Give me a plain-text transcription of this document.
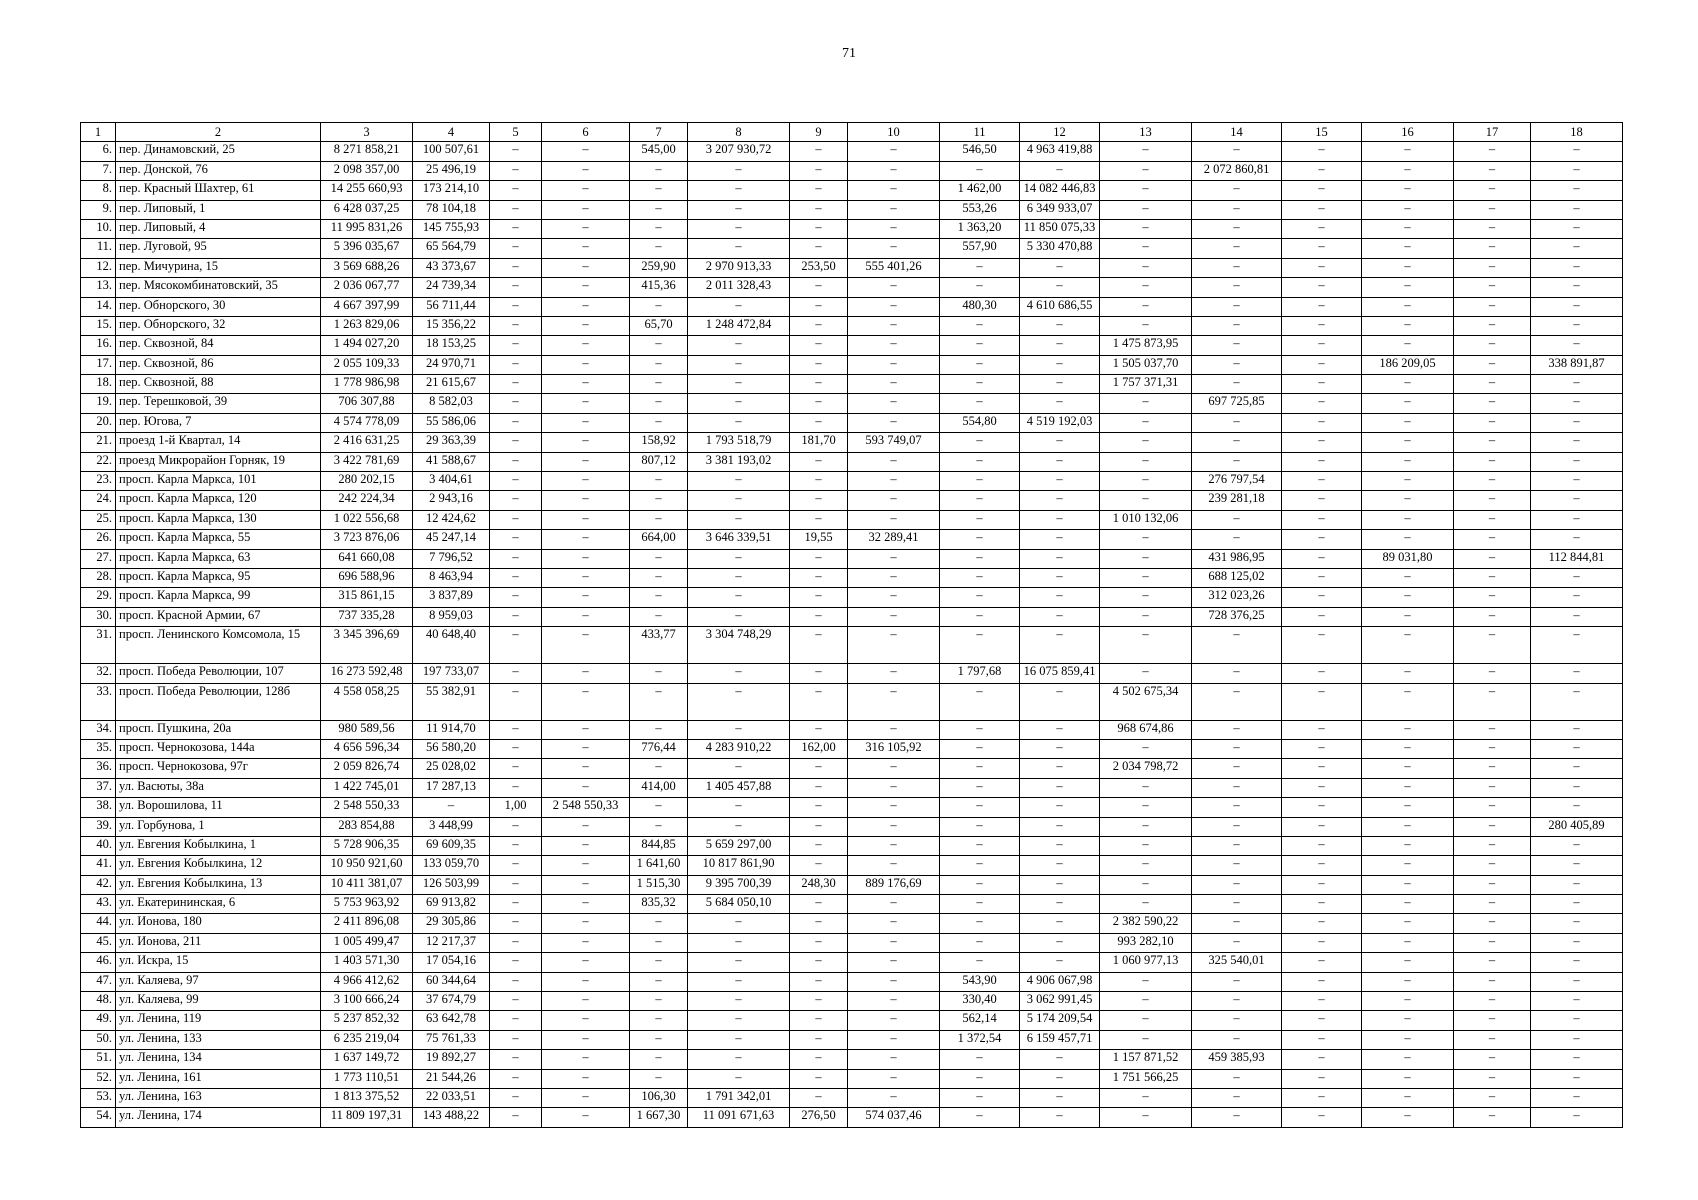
71
1	2	3	4	5	6	7	8	9	10	11	12	13	14	15	16	17	18
6.	пер. Динамовский, 25	8 271 858,21	100 507,61	–	–	545,00	3 207 930,72	–	–	546,50	4 963 419,88	–	–	–	–	–	–
7.	пер. Донской, 76	2 098 357,00	25 496,19	–	–	–	–	–	–	–	–	–	2 072 860,81	–	–	–	–
8.	пер. Красный Шахтер, 61	14 255 660,93	173 214,10	–	–	–	–	–	–	1 462,00	14 082 446,83	–	–	–	–	–	–
9.	пер. Липовый, 1	6 428 037,25	78 104,18	–	–	–	–	–	–	553,26	6 349 933,07	–	–	–	–	–	–
10.	пер. Липовый, 4	11 995 831,26	145 755,93	–	–	–	–	–	–	1 363,20	11 850 075,33	–	–	–	–	–	–
11.	пер. Луговой, 95	5 396 035,67	65 564,79	–	–	–	–	–	–	557,90	5 330 470,88	–	–	–	–	–	–
12.	пер. Мичурина, 15	3 569 688,26	43 373,67	–	–	259,90	2 970 913,33	253,50	555 401,26	–	–	–	–	–	–	–	–
13.	пер. Мясокомбинатовский, 35	2 036 067,77	24 739,34	–	–	415,36	2 011 328,43	–	–	–	–	–	–	–	–	–	–
14.	пер. Обнорского, 30	4 667 397,99	56 711,44	–	–	–	–	–	–	480,30	4 610 686,55	–	–	–	–	–	–
15.	пер. Обнорского, 32	1 263 829,06	15 356,22	–	–	65,70	1 248 472,84	–	–	–	–	–	–	–	–	–	–
16.	пер. Сквозной, 84	1 494 027,20	18 153,25	–	–	–	–	–	–	–	–	1 475 873,95	–	–	–	–	–
17.	пер. Сквозной, 86	2 055 109,33	24 970,71	–	–	–	–	–	–	–	–	1 505 037,70	–	–	186 209,05	–	338 891,87
18.	пер. Сквозной, 88	1 778 986,98	21 615,67	–	–	–	–	–	–	–	–	1 757 371,31	–	–	–	–	–
19.	пер. Терешковой, 39	706 307,88	8 582,03	–	–	–	–	–	–	–	–	–	697 725,85	–	–	–	–
20.	пер. Югова, 7	4 574 778,09	55 586,06	–	–	–	–	–	–	554,80	4 519 192,03	–	–	–	–	–	–
21.	проезд 1-й Квартал, 14	2 416 631,25	29 363,39	–	–	158,92	1 793 518,79	181,70	593 749,07	–	–	–	–	–	–	–	–
22.	проезд Микрорайон Горняк, 19	3 422 781,69	41 588,67	–	–	807,12	3 381 193,02	–	–	–	–	–	–	–	–	–	–
23.	просп. Карла Маркса, 101	280 202,15	3 404,61	–	–	–	–	–	–	–	–	–	276 797,54	–	–	–	–
24.	просп. Карла Маркса, 120	242 224,34	2 943,16	–	–	–	–	–	–	–	–	–	239 281,18	–	–	–	–
25.	просп. Карла Маркса, 130	1 022 556,68	12 424,62	–	–	–	–	–	–	–	–	1 010 132,06	–	–	–	–	–
26.	просп. Карла Маркса, 55	3 723 876,06	45 247,14	–	–	664,00	3 646 339,51	19,55	32 289,41	–	–	–	–	–	–	–	–
27.	просп. Карла Маркса, 63	641 660,08	7 796,52	–	–	–	–	–	–	–	–	–	431 986,95	–	89 031,80	–	112 844,81
28.	просп. Карла Маркса, 95	696 588,96	8 463,94	–	–	–	–	–	–	–	–	–	688 125,02	–	–	–	–
29.	просп. Карла Маркса, 99	315 861,15	3 837,89	–	–	–	–	–	–	–	–	–	312 023,26	–	–	–	–
30.	просп. Красной Армии, 67	737 335,28	8 959,03	–	–	–	–	–	–	–	–	–	728 376,25	–	–	–	–
31.	просп. Ленинского Комсомола, 15	3 345 396,69	40 648,40	–	–	433,77	3 304 748,29	–	–	–	–	–	–	–	–	–	–
32.	просп. Победа Революции, 107	16 273 592,48	197 733,07	–	–	–	–	–	–	1 797,68	16 075 859,41	–	–	–	–	–	–
33.	просп. Победа Революции, 128б	4 558 058,25	55 382,91	–	–	–	–	–	–	–	–	4 502 675,34	–	–	–	–	–
34.	просп. Пушкина, 20а	980 589,56	11 914,70	–	–	–	–	–	–	–	–	968 674,86	–	–	–	–	–
35.	просп. Чернокозова, 144а	4 656 596,34	56 580,20	–	–	776,44	4 283 910,22	162,00	316 105,92	–	–	–	–	–	–	–	–
36.	просп. Чернокозова, 97г	2 059 826,74	25 028,02	–	–	–	–	–	–	–	–	2 034 798,72	–	–	–	–	–
37.	ул. Васюты, 38а	1 422 745,01	17 287,13	–	–	414,00	1 405 457,88	–	–	–	–	–	–	–	–	–	–
38.	ул. Ворошилова, 11	2 548 550,33	–	1,00	2 548 550,33	–	–	–	–	–	–	–	–	–	–	–	–
39.	ул. Горбунова, 1	283 854,88	3 448,99	–	–	–	–	–	–	–	–	–	–	–	–	–	280 405,89
40.	ул. Евгения Кобылкина, 1	5 728 906,35	69 609,35	–	–	844,85	5 659 297,00	–	–	–	–	–	–	–	–	–	–
41.	ул. Евгения Кобылкина, 12	10 950 921,60	133 059,70	–	–	1 641,60	10 817 861,90	–	–	–	–	–	–	–	–	–	–
42.	ул. Евгения Кобылкина, 13	10 411 381,07	126 503,99	–	–	1 515,30	9 395 700,39	248,30	889 176,69	–	–	–	–	–	–	–	–
43.	ул. Екатерининская, 6	5 753 963,92	69 913,82	–	–	835,32	5 684 050,10	–	–	–	–	–	–	–	–	–	–
44.	ул. Ионова, 180	2 411 896,08	29 305,86	–	–	–	–	–	–	–	–	2 382 590,22	–	–	–	–	–
45.	ул. Ионова, 211	1 005 499,47	12 217,37	–	–	–	–	–	–	–	–	993 282,10	–	–	–	–	–
46.	ул. Искра, 15	1 403 571,30	17 054,16	–	–	–	–	–	–	–	–	1 060 977,13	325 540,01	–	–	–	–
47.	ул. Каляева, 97	4 966 412,62	60 344,64	–	–	–	–	–	–	543,90	4 906 067,98	–	–	–	–	–	–
48.	ул. Каляева, 99	3 100 666,24	37 674,79	–	–	–	–	–	–	330,40	3 062 991,45	–	–	–	–	–	–
49.	ул. Ленина, 119	5 237 852,32	63 642,78	–	–	–	–	–	–	562,14	5 174 209,54	–	–	–	–	–	–
50.	ул. Ленина, 133	6 235 219,04	75 761,33	–	–	–	–	–	–	1 372,54	6 159 457,71	–	–	–	–	–	–
51.	ул. Ленина, 134	1 637 149,72	19 892,27	–	–	–	–	–	–	–	–	1 157 871,52	459 385,93	–	–	–	–
52.	ул. Ленина, 161	1 773 110,51	21 544,26	–	–	–	–	–	–	–	–	1 751 566,25	–	–	–	–	–
53.	ул. Ленина, 163	1 813 375,52	22 033,51	–	–	106,30	1 791 342,01	–	–	–	–	–	–	–	–	–	–
54.	ул. Ленина, 174	11 809 197,31	143 488,22	–	–	1 667,30	11 091 671,63	276,50	574 037,46	–	–	–	–	–	–	–	–
